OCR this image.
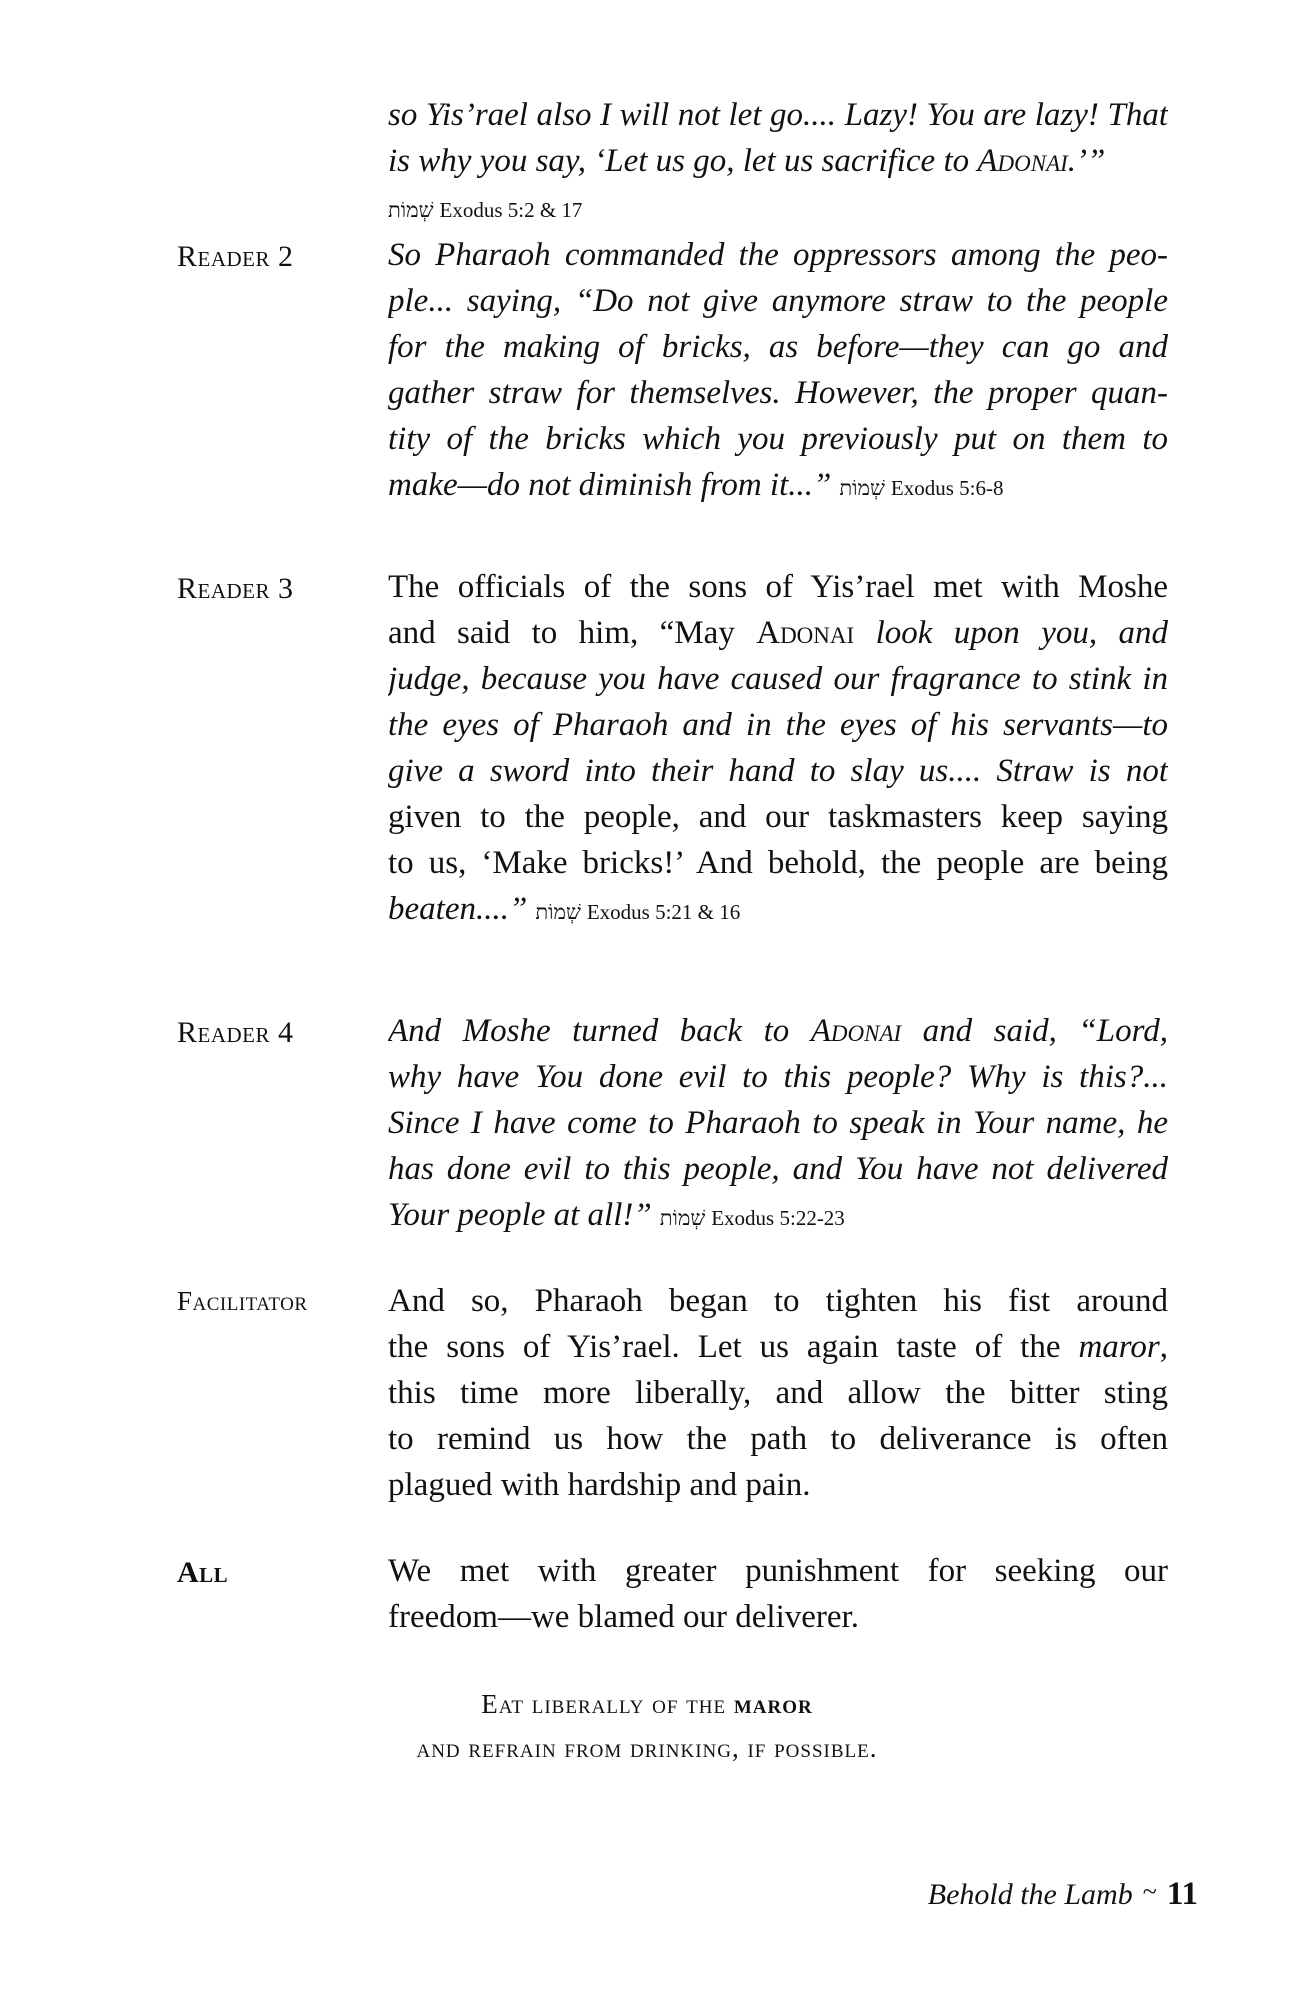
so Yis’rael also I will not let go.... Lazy! You are lazy! That
is why you say, ‘Let us go, let us sacrifice to Adonai.’”
שְׁמוֹת Exodus 5:2 & 17
Reader 2	So Pharaoh commanded the oppressors among the peo-
ple... saying, “Do not give anymore straw to the people
for the making of bricks, as before—they can go and
gather straw for themselves. However, the proper quan-
tity of the bricks which you previously put on them to
make—do not diminish from it...” שְׁמוֹת Exodus 5:6-8
Reader 3	The officials of the sons of Yis’rael met with Moshe
and said to him, “May Adonai look upon you, and
judge, because you have caused our fragrance to stink in
the eyes of Pharaoh and in the eyes of his servants—to
give a sword into their hand to slay us.... Straw is not
given to the people, and our taskmasters keep saying
to us, ‘Make bricks!’ And behold, the people are being
beaten....” שְׁמוֹת Exodus 5:21 & 16
Reader 4	And Moshe turned back to Adonai and said, “Lord,
why have You done evil to this people? Why is this?...
Since I have come to Pharaoh to speak in Your name, he
has done evil to this people, and You have not delivered
Your people at all!” שְׁמוֹת Exodus 5:22-23
Facilitator And so, Pharaoh began to tighten his fist around
the sons of Yis’rael. Let us again taste of the maror,
this time more liberally, and allow the bitter sting
to remind us how the path to deliverance is often
plagued with hardship and pain.
All	We met with greater punishment for seeking our
freedom—we blamed our deliverer.
Eat liberally of the maror
and refrain from drinking, if possible.
Behold the Lamb ~ 11
